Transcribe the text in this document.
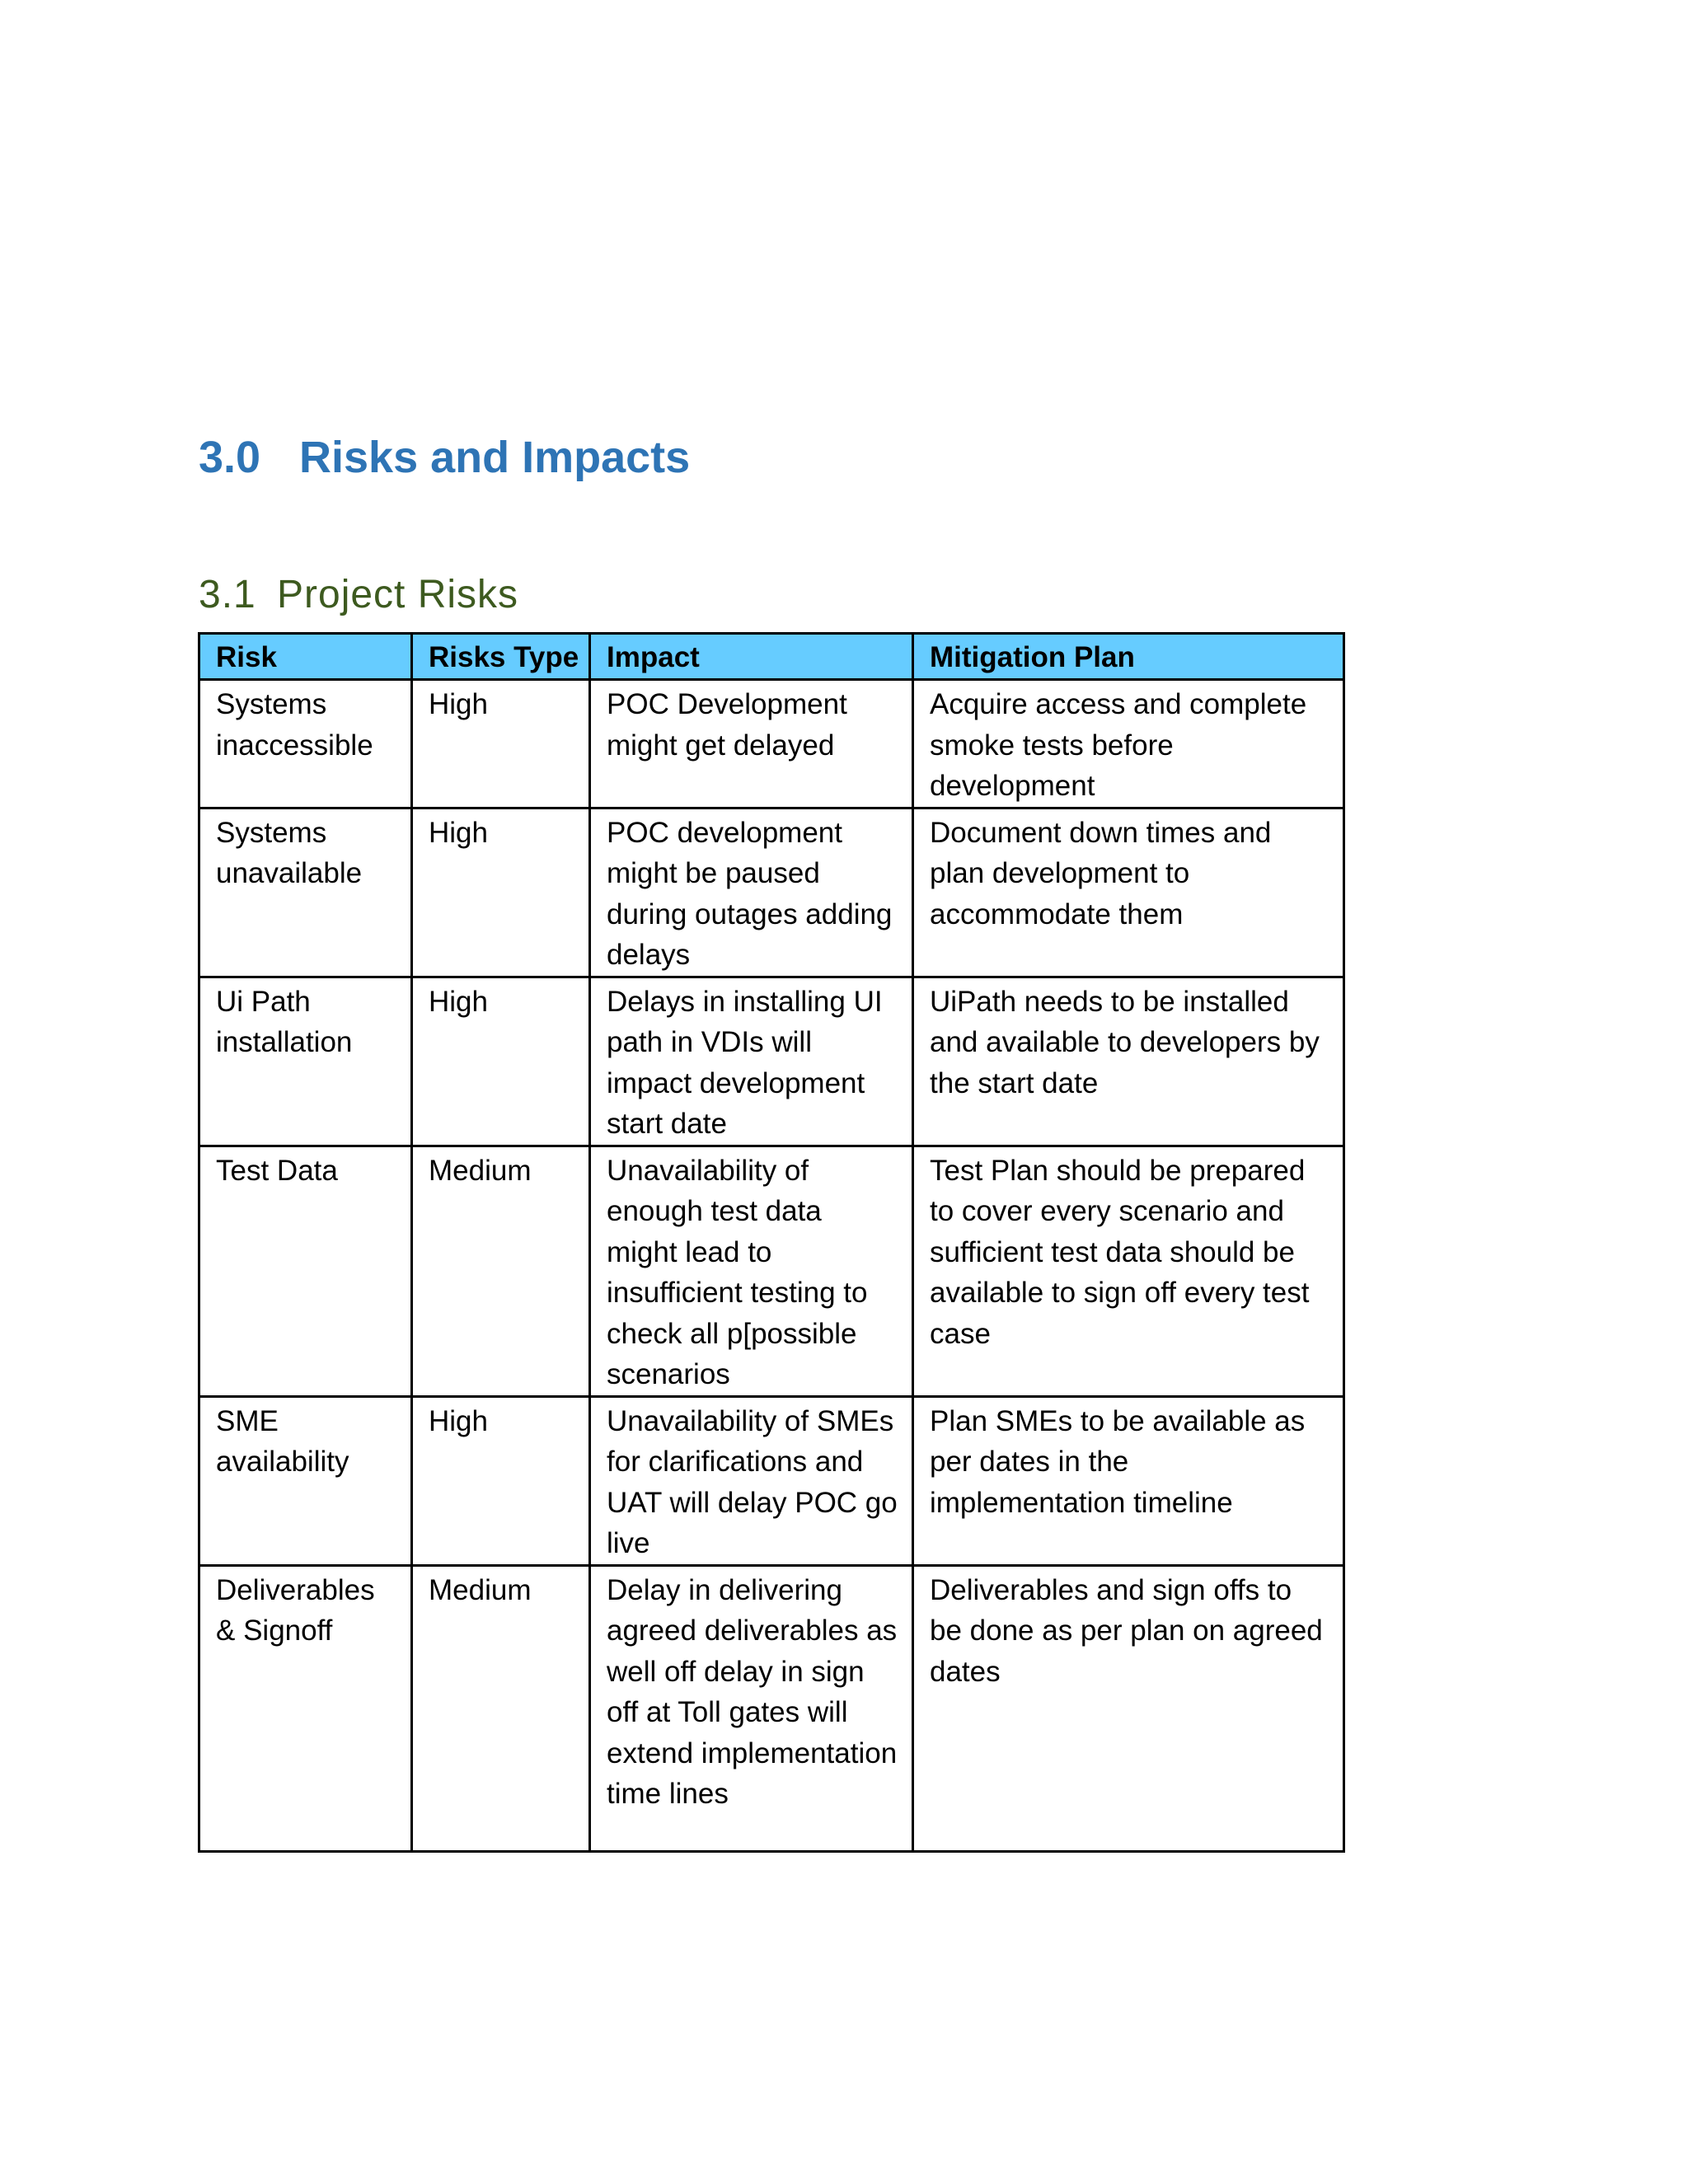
3.0 Risks and Impacts
3.1 Project Risks
Risk	Risks Type	Impact	Mitigation Plan
Systems inaccessible	High	POC Development might get delayed	Acquire access and complete smoke tests before development
Systems unavailable	High	POC development might be paused during outages adding delays	Document down times and plan development to accommodate them
Ui Path installation	High	Delays in installing UI path in VDIs will impact development start date	UiPath needs to be installed and available to developers by the start date
Test Data	Medium	Unavailability of enough test data might lead to insufficient testing to check all p[possible scenarios	Test Plan should be prepared to cover every scenario and sufficient test data should be available to sign off every test case
SME availability	High	Unavailability of SMEs for clarifications and UAT will delay POC go live	Plan SMEs to be available as per dates in the implementation timeline
Deliverables & Signoff	Medium	Delay in delivering agreed deliverables as well off delay in sign off at Toll gates will extend implementation time lines	Deliverables and sign offs to be done as per plan on agreed dates
